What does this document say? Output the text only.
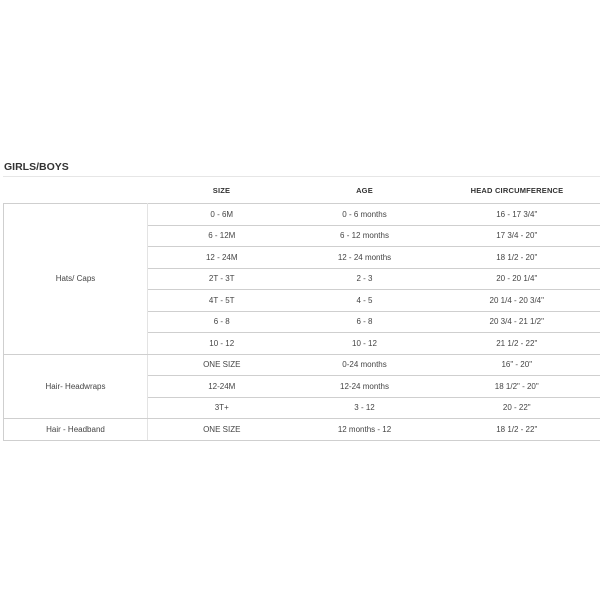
GIRLS/BOYS
	SIZE	AGE	HEAD CIRCUMFERENCE
Hats/ Caps	0 - 6M	0 - 6 months	16 - 17 3/4"
	6 - 12M	6 - 12 months	17 3/4 - 20"
	12 - 24M	12 - 24 months	18 1/2 - 20"
	2T - 3T	2 - 3	20 - 20 1/4"
	4T - 5T	4 - 5	20 1/4 - 20 3/4"
	6 - 8	6 - 8	20 3/4 - 21 1/2"
	10 - 12	10 - 12	21 1/2 - 22"
Hair- Headwraps	ONE SIZE	0-24 months	16" - 20"
	12-24M	12-24 months	18 1/2" - 20"
	3T+	3 - 12	20 - 22"
Hair - Headband	ONE SIZE	12 months - 12	18 1/2 - 22"
